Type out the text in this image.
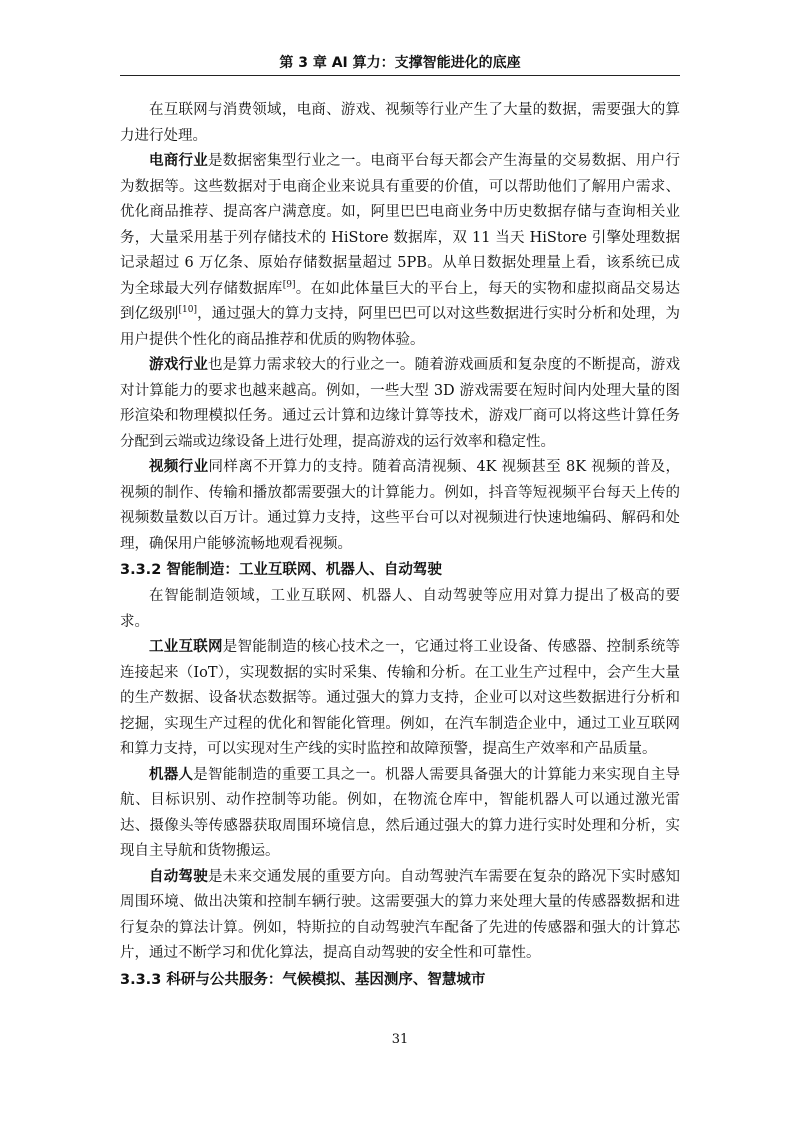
第 3 章 AI 算力：支撑智能进化的底座

在互联网与消费领域，电商、游戏、视频等行业产生了大量的数据，需要强大的算力进行处理。

电商行业是数据密集型行业之一。电商平台每天都会产生海量的交易数据、用户行为数据等。这些数据对于电商企业来说具有重要的价值，可以帮助他们了解用户需求、优化商品推荐、提高客户满意度。如，阿里巴巴电商业务中历史数据存储与查询相关业务，大量采用基于列存储技术的 HiStore 数据库，双 11 当天 HiStore 引擎处理数据记录超过 6 万亿条、原始存储数据量超过 5PB。从单日数据处理量上看，该系统已成为全球最大列存储数据库[9]。在如此体量巨大的平台上，每天的实物和虚拟商品交易达到亿级别[10]，通过强大的算力支持，阿里巴巴可以对这些数据进行实时分析和处理，为用户提供个性化的商品推荐和优质的购物体验。

游戏行业也是算力需求较大的行业之一。随着游戏画质和复杂度的不断提高，游戏对计算能力的要求也越来越高。例如，一些大型 3D 游戏需要在短时间内处理大量的图形渲染和物理模拟任务。通过云计算和边缘计算等技术，游戏厂商可以将这些计算任务分配到云端或边缘设备上进行处理，提高游戏的运行效率和稳定性。

视频行业同样离不开算力的支持。随着高清视频、4K 视频甚至 8K 视频的普及，视频的制作、传输和播放都需要强大的计算能力。例如，抖音等短视频平台每天上传的视频数量数以百万计。通过算力支持，这些平台可以对视频进行快速地编码、解码和处理，确保用户能够流畅地观看视频。

3.3.2 智能制造：工业互联网、机器人、自动驾驶

在智能制造领域，工业互联网、机器人、自动驾驶等应用对算力提出了极高的要求。

工业互联网是智能制造的核心技术之一，它通过将工业设备、传感器、控制系统等连接起来（IoT），实现数据的实时采集、传输和分析。在工业生产过程中，会产生大量的生产数据、设备状态数据等。通过强大的算力支持，企业可以对这些数据进行分析和挖掘，实现生产过程的优化和智能化管理。例如，在汽车制造企业中，通过工业互联网和算力支持，可以实现对生产线的实时监控和故障预警，提高生产效率和产品质量。

机器人是智能制造的重要工具之一。机器人需要具备强大的计算能力来实现自主导航、目标识别、动作控制等功能。例如，在物流仓库中，智能机器人可以通过激光雷达、摄像头等传感器获取周围环境信息，然后通过强大的算力进行实时处理和分析，实现自主导航和货物搬运。

自动驾驶是未来交通发展的重要方向。自动驾驶汽车需要在复杂的路况下实时感知周围环境、做出决策和控制车辆行驶。这需要强大的算力来处理大量的传感器数据和进行复杂的算法计算。例如，特斯拉的自动驾驶汽车配备了先进的传感器和强大的计算芯片，通过不断学习和优化算法，提高自动驾驶的安全性和可靠性。

3.3.3 科研与公共服务：气候模拟、基因测序、智慧城市
31
